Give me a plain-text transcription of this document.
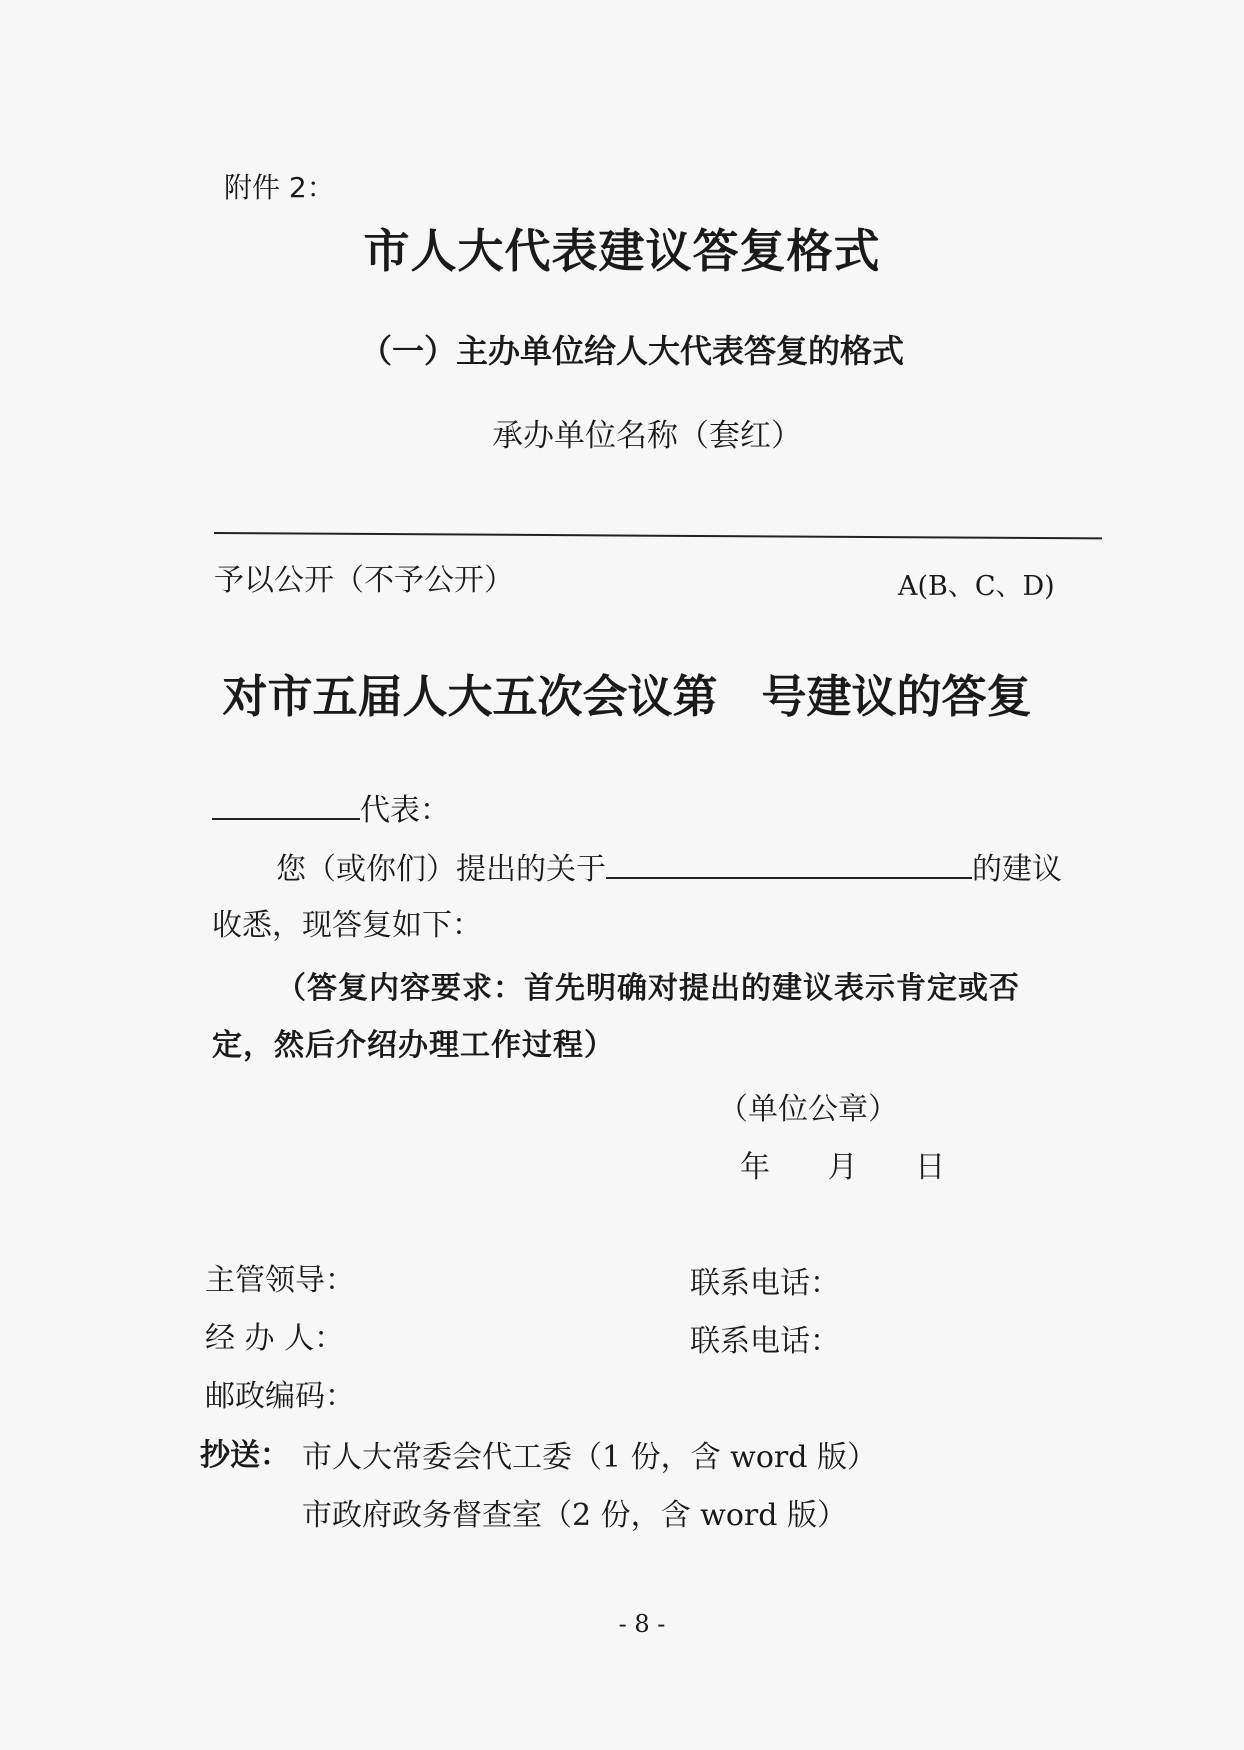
附件 2：
市人大代表建议答复格式
（一）主办单位给人大代表答复的格式
承办单位名称（套红）
予以公开（不予公开）	A(B、C、D)
对市五届人大五次会议第 号建议的答复
代表：
您（或你们）提出的关于	的建议
收悉，现答复如下：
（答复内容要求：首先明确对提出的建议表示肯定或否
定，然后介绍办理工作过程）
（单位公章）
年 月 日
主管领导：
经 办 人：
邮政编码：
联系电话：
联系电话：
抄送： 市人大常委会代工委（1 份，含 word 版）
市政府政务督查室（2 份，含 word 版）
- 8 -
